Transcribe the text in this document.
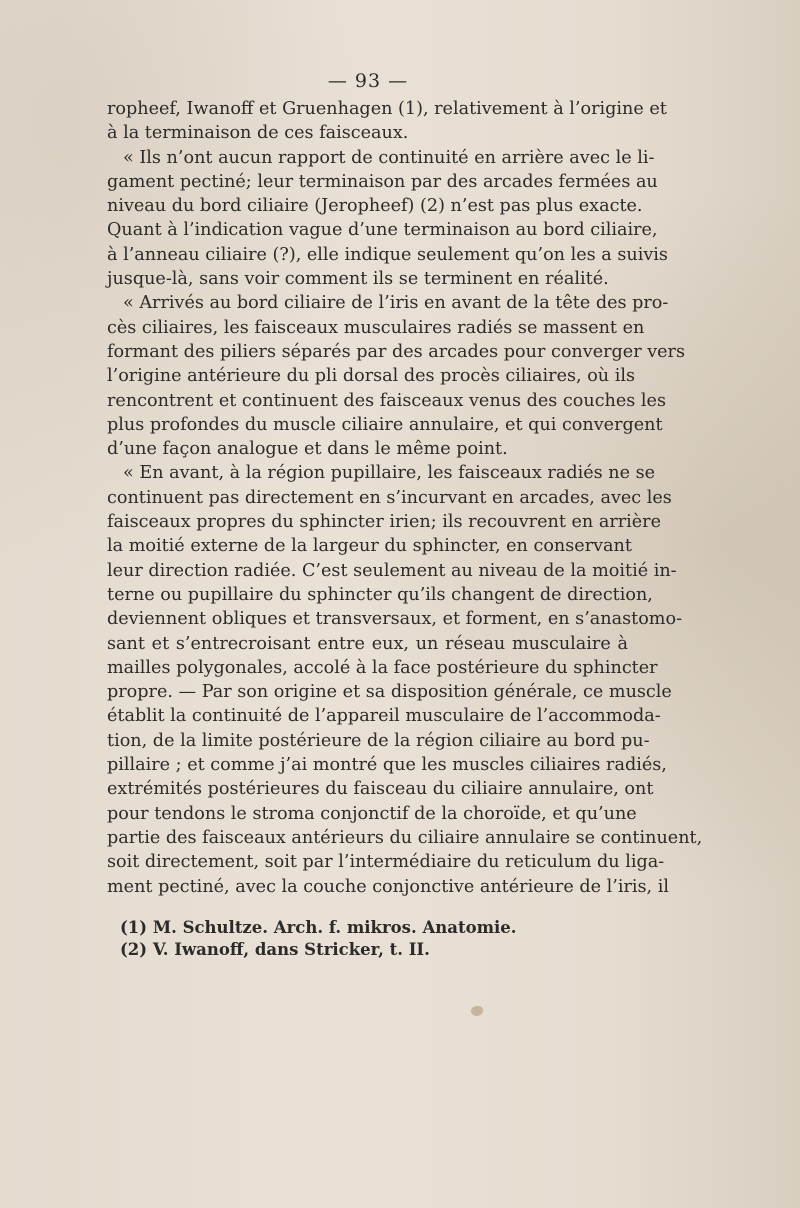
— 93 —
ropheef, Iwanoff et Gruenhagen (1), relativement à l’origine et
à la terminaison de ces faisceaux.
« Ils n’ont aucun rapport de continuité en arrière avec le li-
gament pectiné; leur terminaison par des arcades fermées au
niveau du bord ciliaire (Jeropheef) (2) n’est pas plus exacte.
Quant à l’indication vague d’une terminaison au bord ciliaire,
à l’anneau ciliaire (?), elle indique seulement qu’on les a suivis
jusque-là, sans voir comment ils se terminent en réalité.
« Arrivés au bord ciliaire de l’iris en avant de la tête des pro-
cès ciliaires, les faisceaux musculaires radiés se massent en
formant des piliers séparés par des arcades pour converger vers
l’origine antérieure du pli dorsal des procès ciliaires, où ils
rencontrent et continuent des faisceaux venus des couches les
plus profondes du muscle ciliaire annulaire, et qui convergent
d’une façon analogue et dans le même point.
« En avant, à la région pupillaire, les faisceaux radiés ne se
continuent pas directement en s’incurvant en arcades, avec les
faisceaux propres du sphincter irien; ils recouvrent en arrière
la moitié externe de la largeur du sphincter, en conservant
leur direction radiée. C’est seulement au niveau de la moitié in-
terne ou pupillaire du sphincter qu’ils changent de direction,
deviennent obliques et transversaux, et forment, en s’anastomo-
sant et s’entrecroisant entre eux, un réseau musculaire à
mailles polygonales, accolé à la face postérieure du sphincter
propre. — Par son origine et sa disposition générale, ce muscle
établit la continuité de l’appareil musculaire de l’accommoda-
tion, de la limite postérieure de la région ciliaire au bord pu-
pillaire ; et comme j’ai montré que les muscles ciliaires radiés,
extrémités postérieures du faisceau du ciliaire annulaire, ont
pour tendons le stroma conjonctif de la choroïde, et qu’une
partie des faisceaux antérieurs du ciliaire annulaire se continuent,
soit directement, soit par l’intermédiaire du reticulum du liga-
ment pectiné, avec la couche conjonctive antérieure de l’iris, il
(1) M. Schultze. Arch. f. mikros. Anatomie.
(2) V. Iwanoff, dans Stricker, t. II.
